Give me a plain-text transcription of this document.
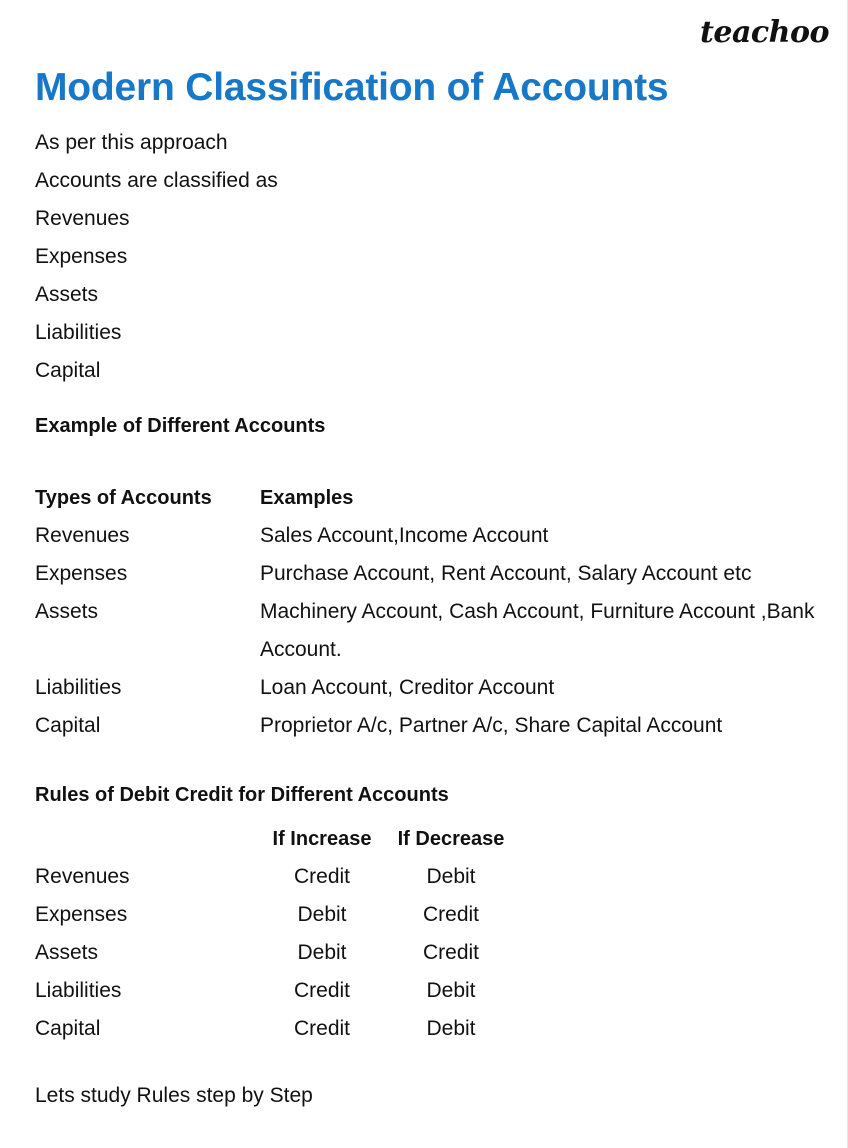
teachoo
Modern Classification of Accounts
As per this approach
Accounts are classified as
Revenues
Expenses
Assets
Liabilities
Capital
Example of Different Accounts
Types of Accounts	Examples
Revenues	Sales Account,Income Account
Expenses	Purchase Account, Rent Account, Salary Account etc
Assets	Machinery Account, Cash Account, Furniture Account ,Bank Account.
Liabilities	Loan Account, Creditor Account
Capital	Proprietor A/c, Partner A/c, Share Capital Account
Rules of Debit Credit for Different Accounts
	If Increase	If Decrease
Revenues	Credit	Debit
Expenses	Debit	Credit
Assets	Debit	Credit
Liabilities	Credit	Debit
Capital	Credit	Debit
Lets study Rules step by Step
